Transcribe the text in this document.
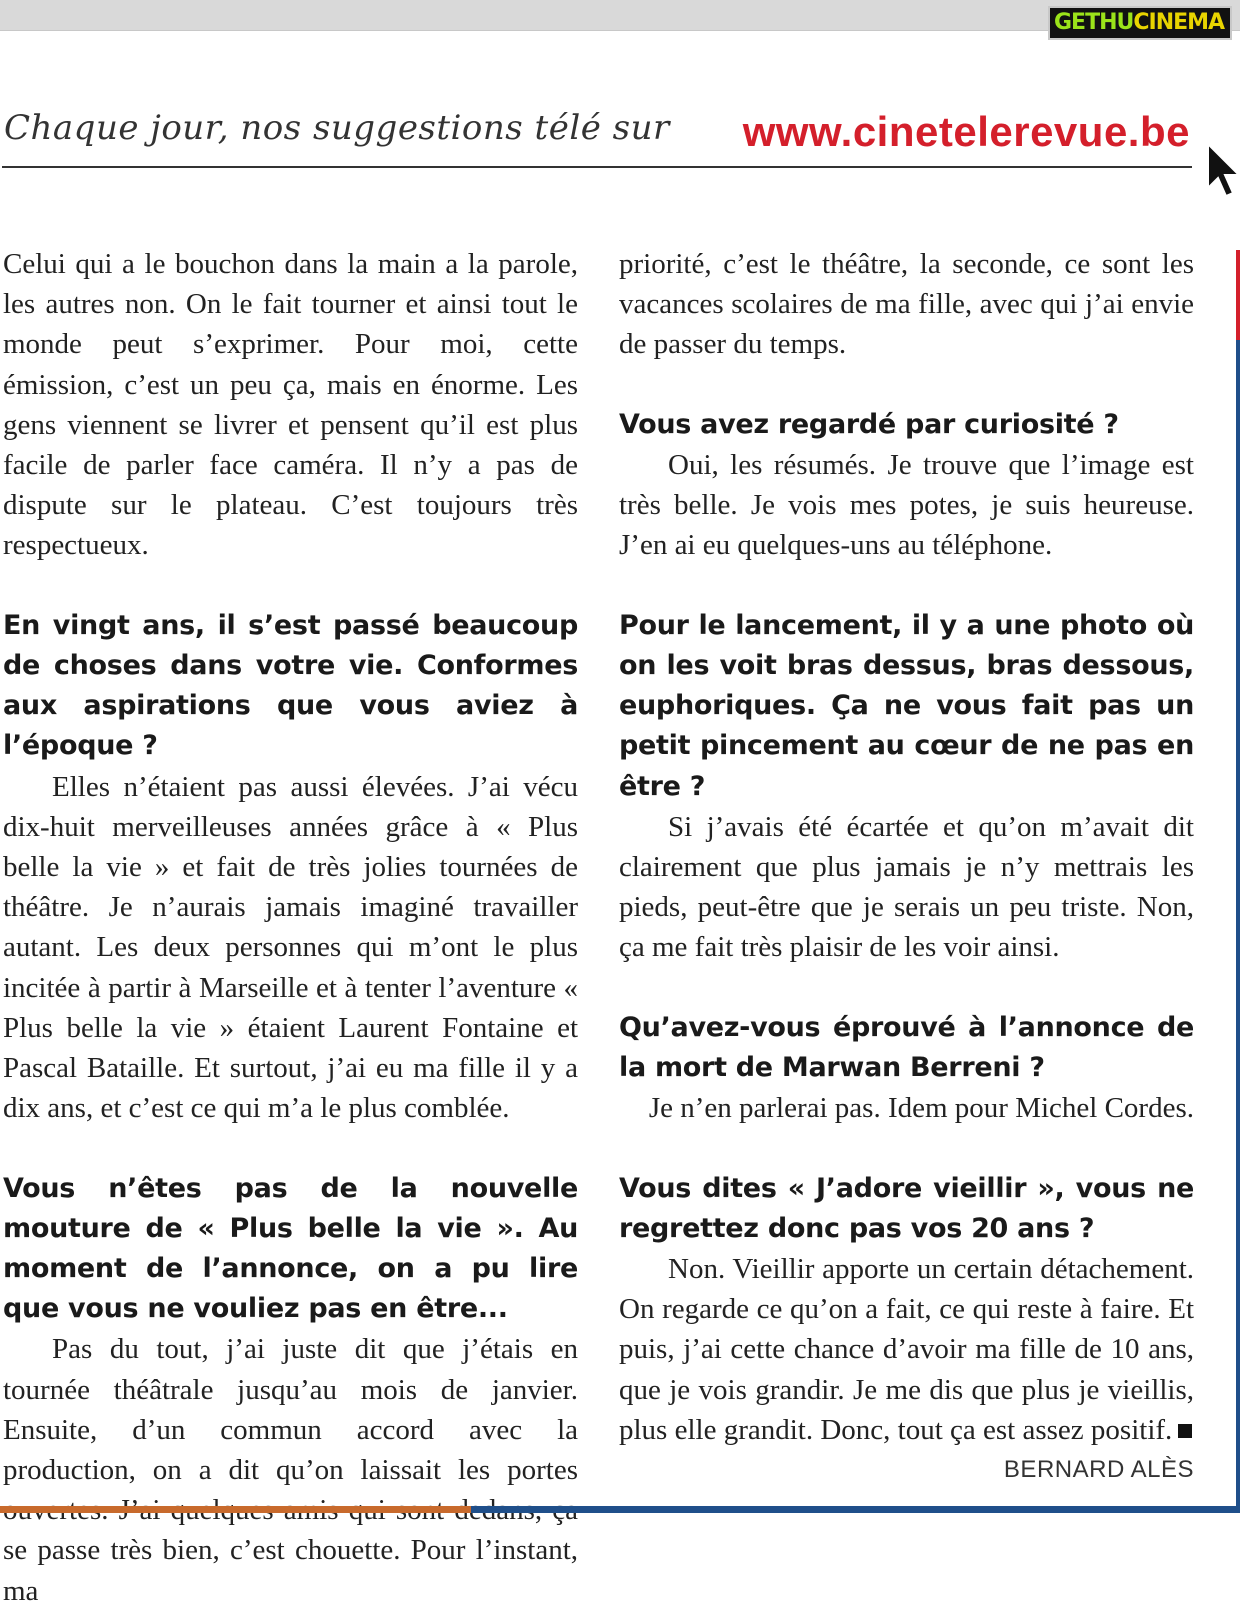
GETHUCINEMA
Chaque jour, nos suggestions télé sur www.cinetelerevue.be

Celui qui a le bouchon dans la main a la parole, les autres non. On le fait tourner et ainsi tout le monde peut s’exprimer. Pour moi, cette émission, c’est un peu ça, mais en énorme. Les gens viennent se livrer et pensent qu’il est plus facile de parler face caméra. Il n’y a pas de dispute sur le plateau. C’est toujours très respectueux.

En vingt ans, il s’est passé beaucoup de choses dans votre vie. Conformes aux aspirations que vous aviez à l’époque ?

Elles n’étaient pas aussi élevées. J’ai vécu dix-huit merveilleuses années grâce à « Plus belle la vie » et fait de très jolies tournées de théâtre. Je n’aurais jamais imaginé travailler autant. Les deux personnes qui m’ont le plus incitée à partir à Marseille et à tenter l’aventure « Plus belle la vie » étaient Laurent Fontaine et Pascal Bataille. Et surtout, j’ai eu ma fille il y a dix ans, et c’est ce qui m’a le plus comblée.

Vous n’êtes pas de la nouvelle mouture de « Plus belle la vie ». Au moment de l’annonce, on a pu lire que vous ne vouliez pas en être...

Pas du tout, j’ai juste dit que j’étais en tournée théâtrale jusqu’au mois de janvier. Ensuite, d’un commun accord avec la production, on a dit qu’on laissait les portes se passe très bien, c’est chouette. Pour l’instant, ma

priorité, c’est le théâtre, la seconde, ce sont les vacances scolaires de ma fille, avec qui j’ai envie de passer du temps.

Vous avez regardé par curiosité ?

Oui, les résumés. Je trouve que l’image est très belle. Je vois mes potes, je suis heureuse. J’en ai eu quelques-uns au téléphone.

Pour le lancement, il y a une photo où on les voit bras dessus, bras dessous, euphoriques. Ça ne vous fait pas un petit pincement au cœur de ne pas en être ?

Si j’avais été écartée et qu’on m’avait dit clairement que plus jamais je n’y mettrais les pieds, peut-être que je serais un peu triste. Non, ça me fait très plaisir de les voir ainsi.

Qu’avez-vous éprouvé à l’annonce de la mort de Marwan Berreni ?

Je n’en parlerai pas. Idem pour Michel Cordes.

Vous dites « J’adore vieillir », vous ne regrettez donc pas vos 20 ans ?

Non. Vieillir apporte un certain détachement. On regarde ce qu’on a fait, ce qui reste à faire. Et puis, j’ai cette chance d’avoir ma fille de 10 ans, que je vois grandir. Je me dis que plus je vieillis, plus elle grandit. Donc, tout ça est assez positif.

BERNARD ALÈS
